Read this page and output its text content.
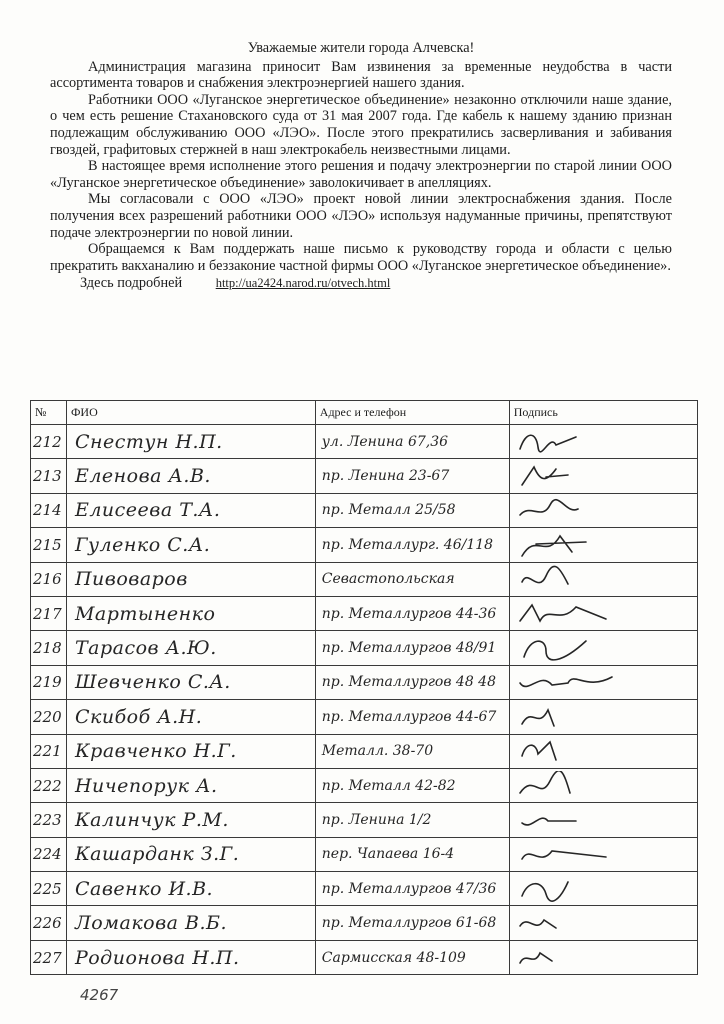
Уважаемые жители города Алчевска!

Администрация магазина приносит Вам извинения за временные неудобства в части ассортимента товаров и снабжения электроэнергией нашего здания.

Работники ООО «Луганское энергетическое объединение» незаконно отключили наше здание, о чем есть решение Стахановского суда от 31 мая 2007 года. Где кабель к нашему зданию признан подлежащим обслуживанию ООО «ЛЭО». После этого прекратились засверливания и забивания гвоздей, графитовых стержней в наш электрокабель неизвестными лицами.

В настоящее время исполнение этого решения и подачу электроэнергии по старой линии ООО «Луганское энергетическое объединение» заволокичивает в апелляциях.

Мы согласовали с ООО «ЛЭО» проект новой линии электроснабжения здания. После получения всех разрешений работники ООО «ЛЭО» используя надуманные причины, препятствуют подаче электроэнергии по новой линии.

Обращаемся к Вам поддержать наше письмо к руководству города и области с целью прекратить вакханалию и беззаконие частной фирмы ООО «Луганское энергетическое объединение».

Здесь подробней	http://ua2424.narod.ru/otvech.html
№	ФИО	Адрес и телефон	Подпись
212	Снестун Н.П.	ул. Ленина 67,36	

213	Еленова А.В.	пр. Ленина 23-67	

214	Елисеева Т.А.	пр. Металл 25/58	

215	Гуленко С.А.	пр. Металлург. 46/118	

216	Пивоваров	Севастопольская	

217	Мартыненко	пр. Металлургов 44-36	

218	Тарасов А.Ю.	пр. Металлургов 48/91	

219	Шевченко С.А.	пр. Металлургов 48 48	

220	Скибоб А.Н.	пр. Металлургов 44-67	

221	Кравченко Н.Г.	Металл. 38-70	

222	Ничепорук А.	пр. Металл 42-82	

223	Калинчук Р.М.	пр. Ленина 1/2	

224	Кашарданк З.Г.	пер. Чапаева 16-4	

225	Савенко И.В.	пр. Металлургов 47/36	

226	Ломакова В.Б.	пр. Металлургов 61-68	

227	Родионова Н.П.	Сармисская 48-109	
4267
